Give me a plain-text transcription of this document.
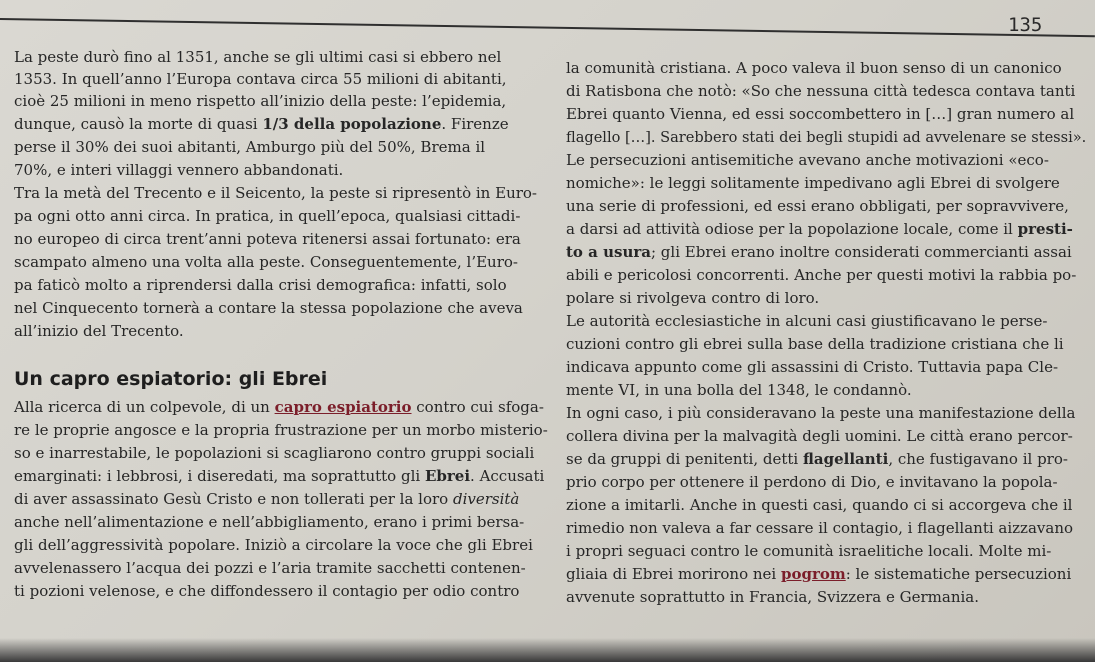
135
La peste durò fino al 1351, anche se gli ultimi casi si ebbero nel
1353. In quell’anno l’Europa contava circa 55 milioni di abitanti,
cioè 25 milioni in meno rispetto all’inizio della peste: l’epidemia,
dunque, causò la morte di quasi 1/3 della popolazione. Firenze
perse il 30% dei suoi abitanti, Amburgo più del 50%, Brema il
70%, e interi villaggi vennero abbandonati.
Tra la metà del Trecento e il Seicento, la peste si ripresentò in Euro-
pa ogni otto anni circa. In pratica, in quell’epoca, qualsiasi cittadi-
no europeo di circa trent’anni poteva ritenersi assai fortunato: era
scampato almeno una volta alla peste. Conseguentemente, l’Euro-
pa faticò molto a riprendersi dalla crisi demografica: infatti, solo
nel Cinquecento tornerà a contare la stessa popolazione che aveva
all’inizio del Trecento.
Un capro espiatorio: gli Ebrei
Alla ricerca di un colpevole, di un capro espiatorio contro cui sfoga-
re le proprie angosce e la propria frustrazione per un morbo misterio-
so e inarrestabile, le popolazioni si scagliarono contro gruppi sociali
emarginati: i lebbrosi, i diseredati, ma soprattutto gli Ebrei. Accusati
di aver assassinato Gesù Cristo e non tollerati per la loro diversità
anche nell’alimentazione e nell’abbigliamento, erano i primi bersa-
gli dell’aggressività popolare. Iniziò a circolare la voce che gli Ebrei
avvelenassero l’acqua dei pozzi e l’aria tramite sacchetti contenen-
ti pozioni velenose, e che diffondessero il contagio per odio contro
la comunità cristiana. A poco valeva il buon senso di un canonico
di Ratisbona che notò: «So che nessuna città tedesca contava tanti
Ebrei quanto Vienna, ed essi soccombettero in […] gran numero al
flagello […]. Sarebbero stati dei begli stupidi ad avvelenare se stessi».
Le persecuzioni antisemitiche avevano anche motivazioni «eco-
nomiche»: le leggi solitamente impedivano agli Ebrei di svolgere
una serie di professioni, ed essi erano obbligati, per sopravvivere,
a darsi ad attività odiose per la popolazione locale, come il presti-
to a usura; gli Ebrei erano inoltre considerati commercianti assai
abili e pericolosi concorrenti. Anche per questi motivi la rabbia po-
polare si rivolgeva contro di loro.
Le autorità ecclesiastiche in alcuni casi giustificavano le perse-
cuzioni contro gli ebrei sulla base della tradizione cristiana che li
indicava appunto come gli assassini di Cristo. Tuttavia papa Cle-
mente VI, in una bolla del 1348, le condannò.
In ogni caso, i più consideravano la peste una manifestazione della
collera divina per la malvagità degli uomini. Le città erano percor-
se da gruppi di penitenti, detti flagellanti, che fustigavano il pro-
prio corpo per ottenere il perdono di Dio, e invitavano la popola-
zione a imitarli. Anche in questi casi, quando ci si accorgeva che il
rimedio non valeva a far cessare il contagio, i flagellanti aizzavano
i propri seguaci contro le comunità israelitiche locali. Molte mi-
gliaia di Ebrei morirono nei pogrom: le sistematiche persecuzioni
avvenute soprattutto in Francia, Svizzera e Germania.
